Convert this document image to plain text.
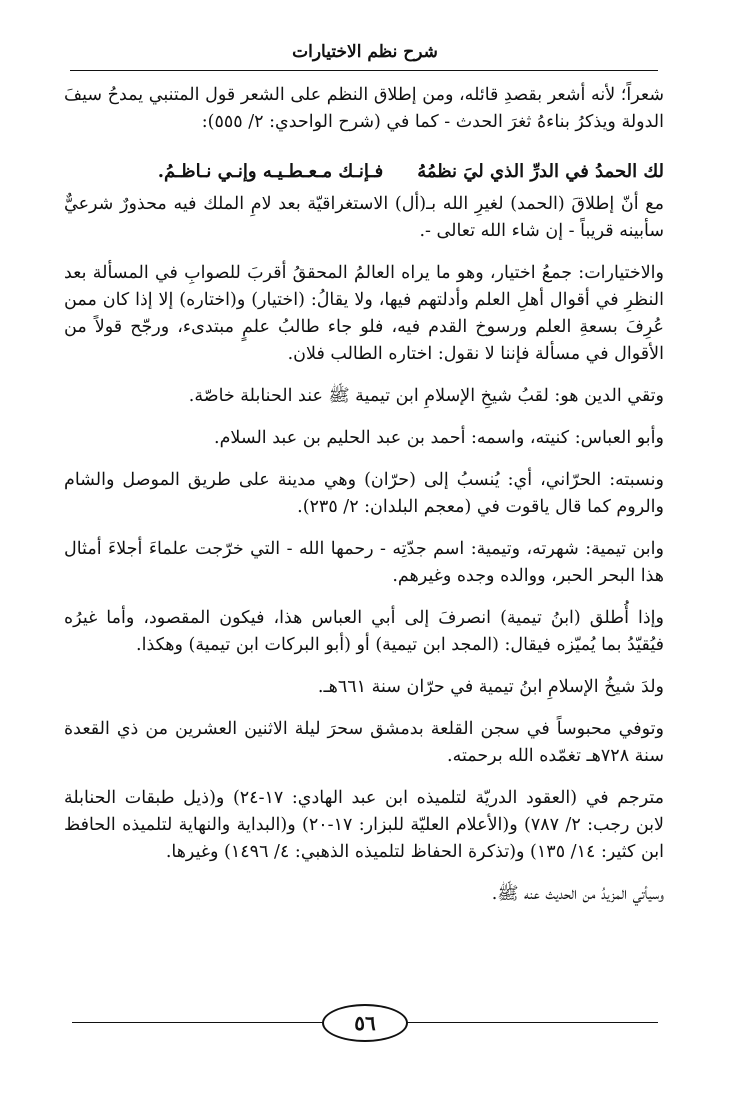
شرح نظم الاختيارات

شعراً؛ لأنه أشعر بقصدِ قائله، ومن إطلاق النظم على الشعر قول المتنبي يمدحُ سيفَ الدولة ويذكرُ بناءهُ ثغرَ الحدث - كما في (شرح الواحدي: ٢/ ٥٥٥):

لك الحمدُ في الدرِّ الذي ليَ نظمُهُ
فـإنـك مـعـطـيـه وإنـي نـاظـمُ.

مع أنّ إطلاقَ (الحمد) لغيرِ الله بـ(أل) الاستغراقيّة بعد لامِ الملك فيه محذورٌ شرعيٌّ سأبينه قريباً - إن شاء الله تعالى -.

والاختيارات: جمعُ اختيار، وهو ما يراه العالمُ المحققُ أقربَ للصوابِ في المسألة بعد النظرِ في أقوال أهلِ العلم وأدلتهم فيها، ولا يقالُ: (اختيار) و(اختاره) إلا إذا كان ممن عُرِفَ بسعةِ العلم ورسوخ القدم فيه، فلو جاء طالبُ علمٍ مبتدىء، ورجّح قولاً من الأقوال في مسألة فإننا لا نقول: اختاره الطالب فلان.

وتقي الدين هو: لقبُ شيخِ الإسلامِ ابن تيمية ﷺ عند الحنابلة خاصّة.

وأبو العباس: كنيته، واسمه: أحمد بن عبد الحليم بن عبد السلام.

ونسبته: الحرّاني، أي: يُنسبُ إلى (حرّان) وهي مدينة على طريق الموصل والشام والروم كما قال ياقوت في (معجم البلدان: ٢/ ٢٣٥).

وابن تيمية: شهرته، وتيمية: اسم جدّتِه - رحمها الله - التي خرّجت علماءَ أجلاءَ أمثال هذا البحر الحبر، ووالده وجده وغيرهم.

وإذا أُطلق (ابنُ تيمية) انصرفَ إلى أبي العباس هذا، فيكون المقصود، وأما غيرُه فيُقيّدُ بما يُميّزه فيقال: (المجد ابن تيمية) أو (أبو البركات ابن تيمية) وهكذا.

ولدَ شيخُ الإسلامِ ابنُ تيمية في حرّان سنة ٦٦١هـ.

وتوفي محبوساً في سجن القلعة بدمشق سحرَ ليلة الاثنين العشرين من ذي القعدة سنة ٧٢٨هـ تغمّده الله برحمته.

مترجم في (العقود الدريّة لتلميذه ابن عبد الهادي: ١٧-٢٤) و(ذيل طبقات الحنابلة لابن رجب: ٢/ ٧٨٧) و(الأعلام العليّة للبزار: ١٧-٢٠) و(البداية والنهاية لتلميذه الحافظ ابن كثير: ١٤/ ١٣٥) و(تذكرة الحفاظ لتلميذه الذهبي: ٤/ ١٤٩٦) وغيرها.

وسيأتي المزيدُ من الحديث عنه ﷺ.

٥٦
